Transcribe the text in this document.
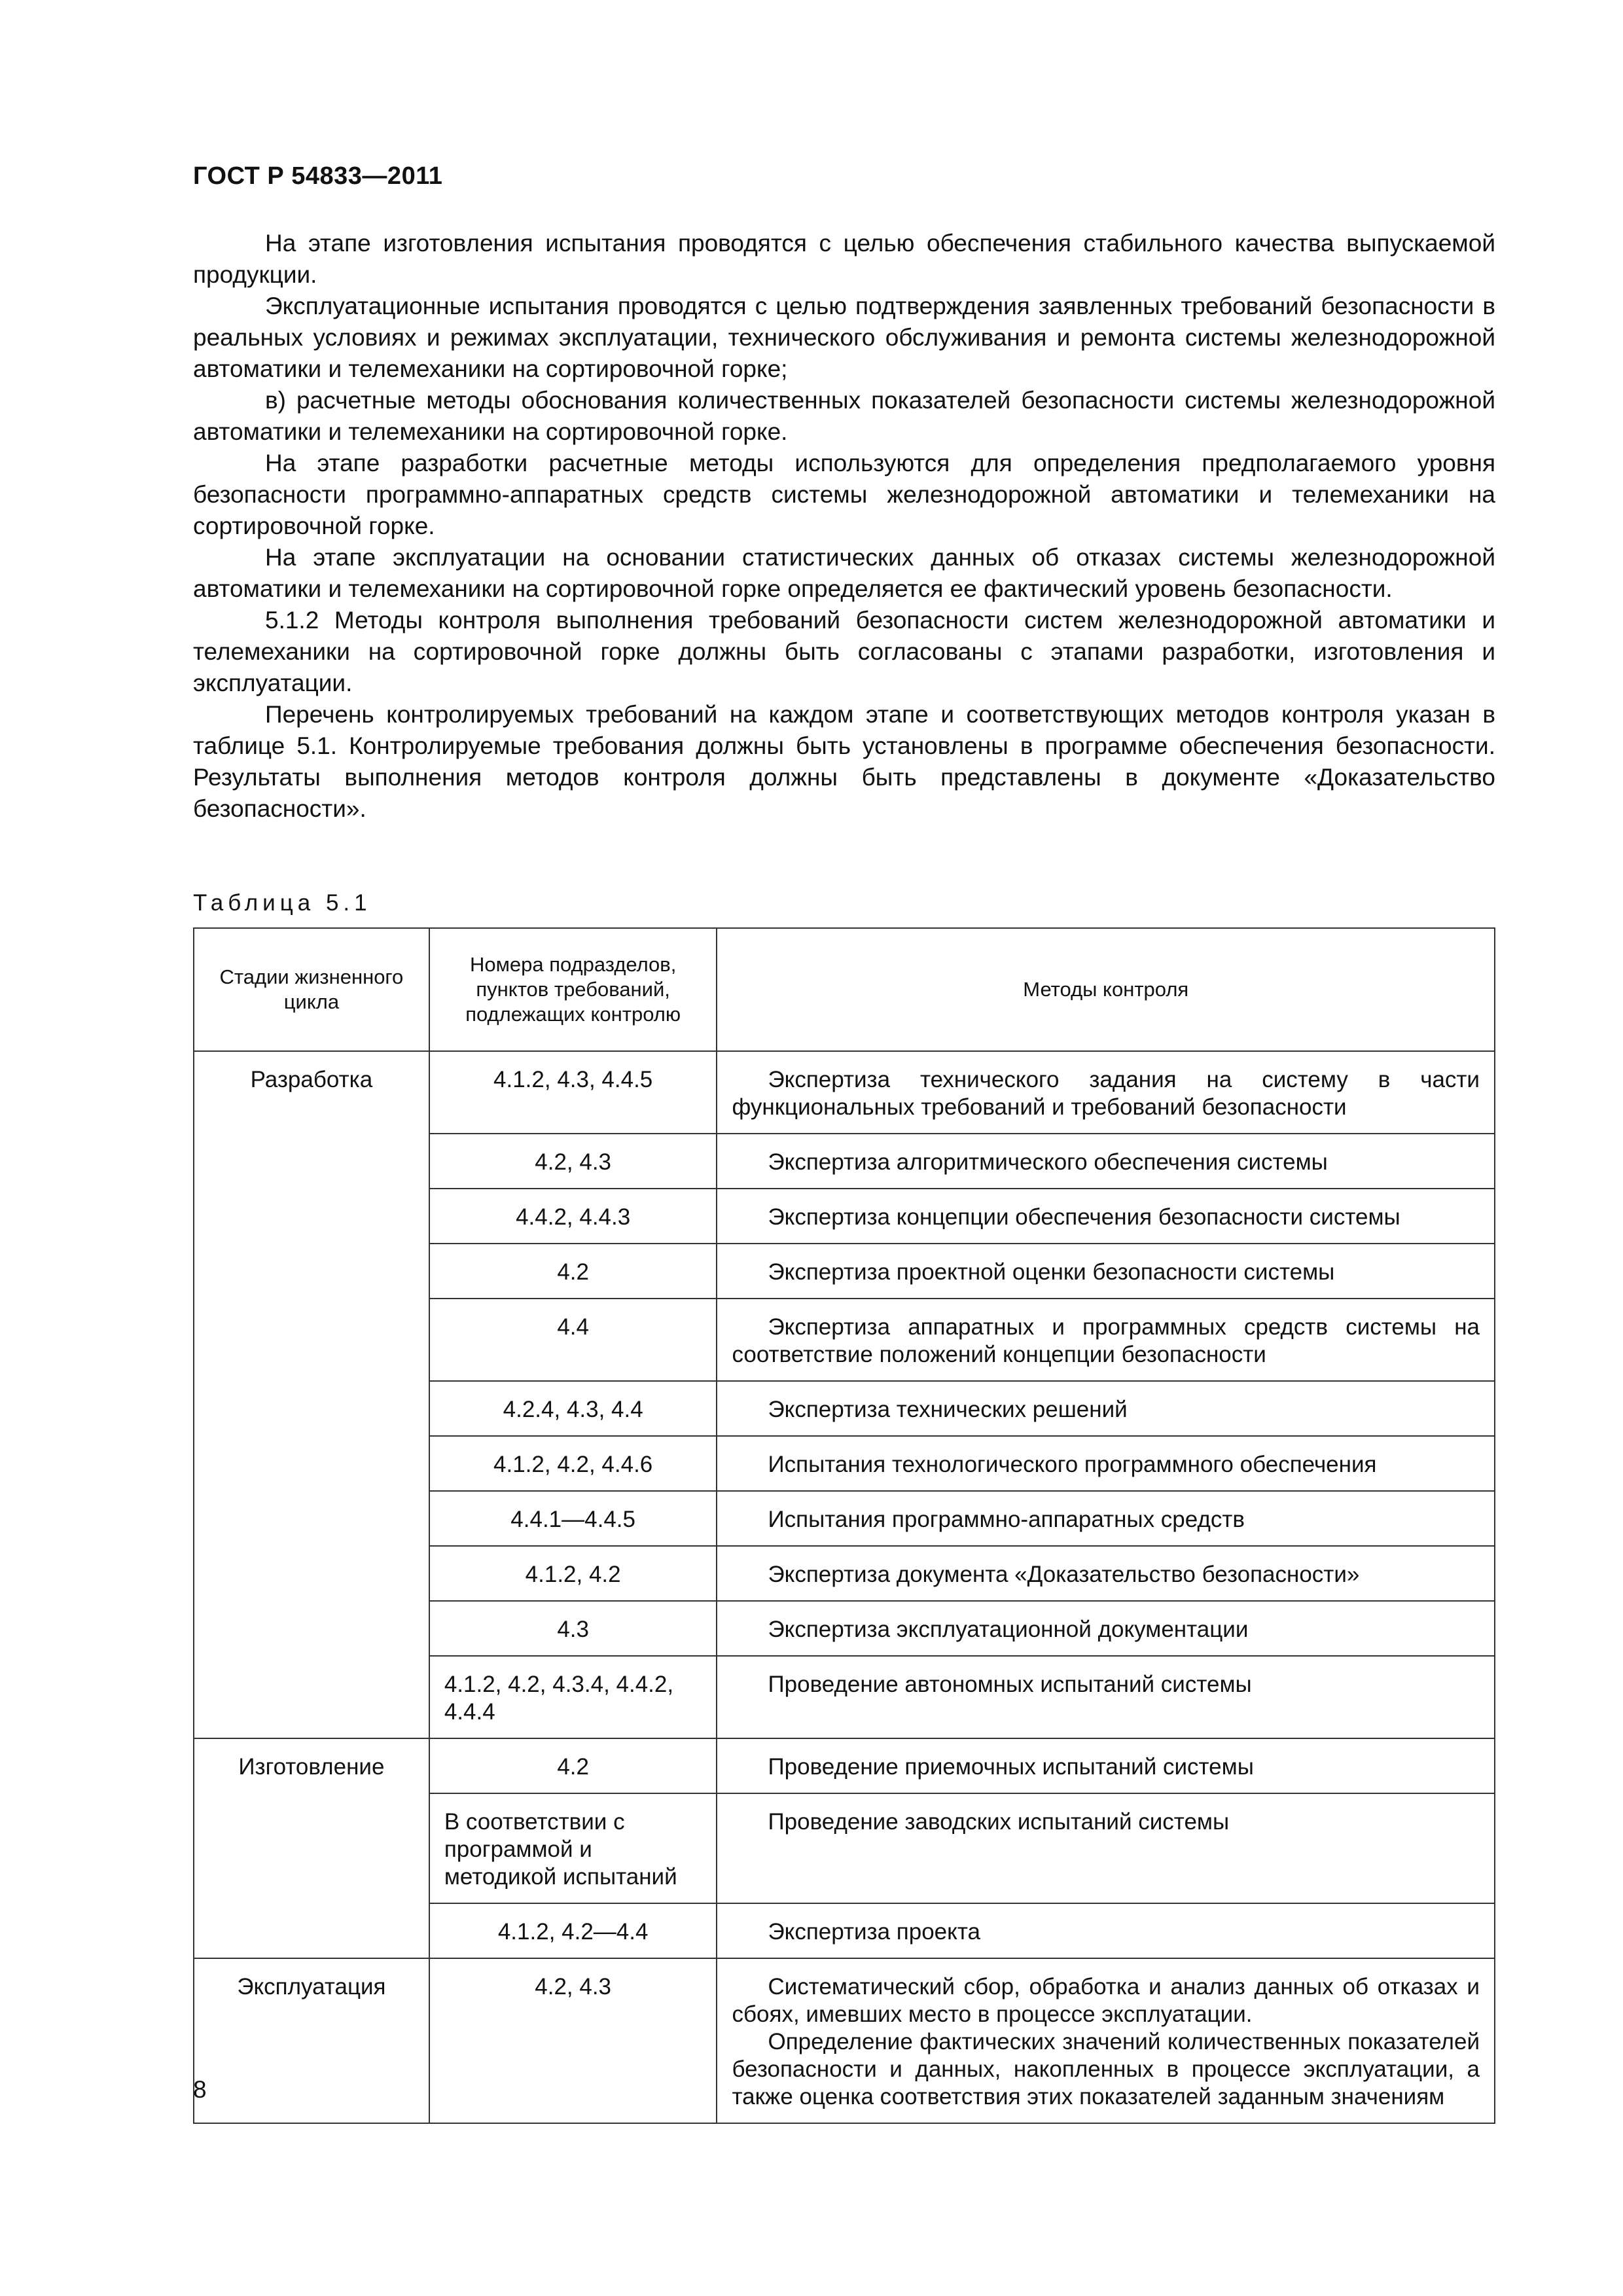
ГОСТ Р 54833—2011

На этапе изготовления испытания проводятся с целью обеспечения стабильного качества выпускаемой продукции.

Эксплуатационные испытания проводятся с целью подтверждения заявленных требований безопасности в реальных условиях и режимах эксплуатации, технического обслуживания и ремонта системы железнодорожной автоматики и телемеханики на сортировочной горке;

в) расчетные методы обоснования количественных показателей безопасности системы железнодорожной автоматики и телемеханики на сортировочной горке.

На этапе разработки расчетные методы используются для определения предполагаемого уровня безопасности программно-аппаратных средств системы железнодорожной автоматики и телемеханики на сортировочной горке.

На этапе эксплуатации на основании статистических данных об отказах системы железнодорожной автоматики и телемеханики на сортировочной горке определяется ее фактический уровень безопасности.

5.1.2 Методы контроля выполнения требований безопасности систем железнодорожной автоматики и телемеханики на сортировочной горке должны быть согласованы с этапами разработки, изготовления и эксплуатации.

Перечень контролируемых требований на каждом этапе и соответствующих методов контроля указан в таблице 5.1. Контролируемые требования должны быть установлены в программе обеспечения безопасности. Результаты выполнения методов контроля должны быть представлены в документе «Доказательство безопасности».

Таблица 5.1
Стадии жизненного цикла	Номера подразделов, пунктов требований, подлежащих контролю	Методы контроля
Разработка	4.1.2, 4.3, 4.4.5	Экспертиза технического задания на систему в части функциональных требований и требований безопасности

	4.2, 4.3	Экспертиза алгоритмического обеспечения системы

	4.4.2, 4.4.3	Экспертиза концепции обеспечения безопасности системы

	4.2	Экспертиза проектной оценки безопасности системы

	4.4	Экспертиза аппаратных и программных средств системы на соответствие положений концепции безопасности

	4.2.4, 4.3, 4.4	Экспертиза технических решений

	4.1.2, 4.2, 4.4.6	Испытания технологического программного обеспечения

	4.4.1—4.4.5	Испытания программно-аппаратных средств

	4.1.2, 4.2	Экспертиза документа «Доказательство безопасности»

	4.3	Экспертиза эксплуатационной документации

	4.1.2, 4.2, 4.3.4, 4.4.2, 4.4.4	Проведение автономных испытаний системы

Изготовление	4.2	Проведение приемочных испытаний системы

	В соответствии с программой и методикой испытаний	Проведение заводских испытаний системы

	4.1.2, 4.2—4.4	Экспертиза проекта

Эксплуатация	4.2, 4.3	Систематический сбор, обработка и анализ данных об отказах и сбоях, имевших место в процессе эксплуатации.
Определение фактических значений количественных показателей безопасности и данных, накопленных в процессе эксплуатации, а также оценка соответствия этих показателей заданным значениям
8
